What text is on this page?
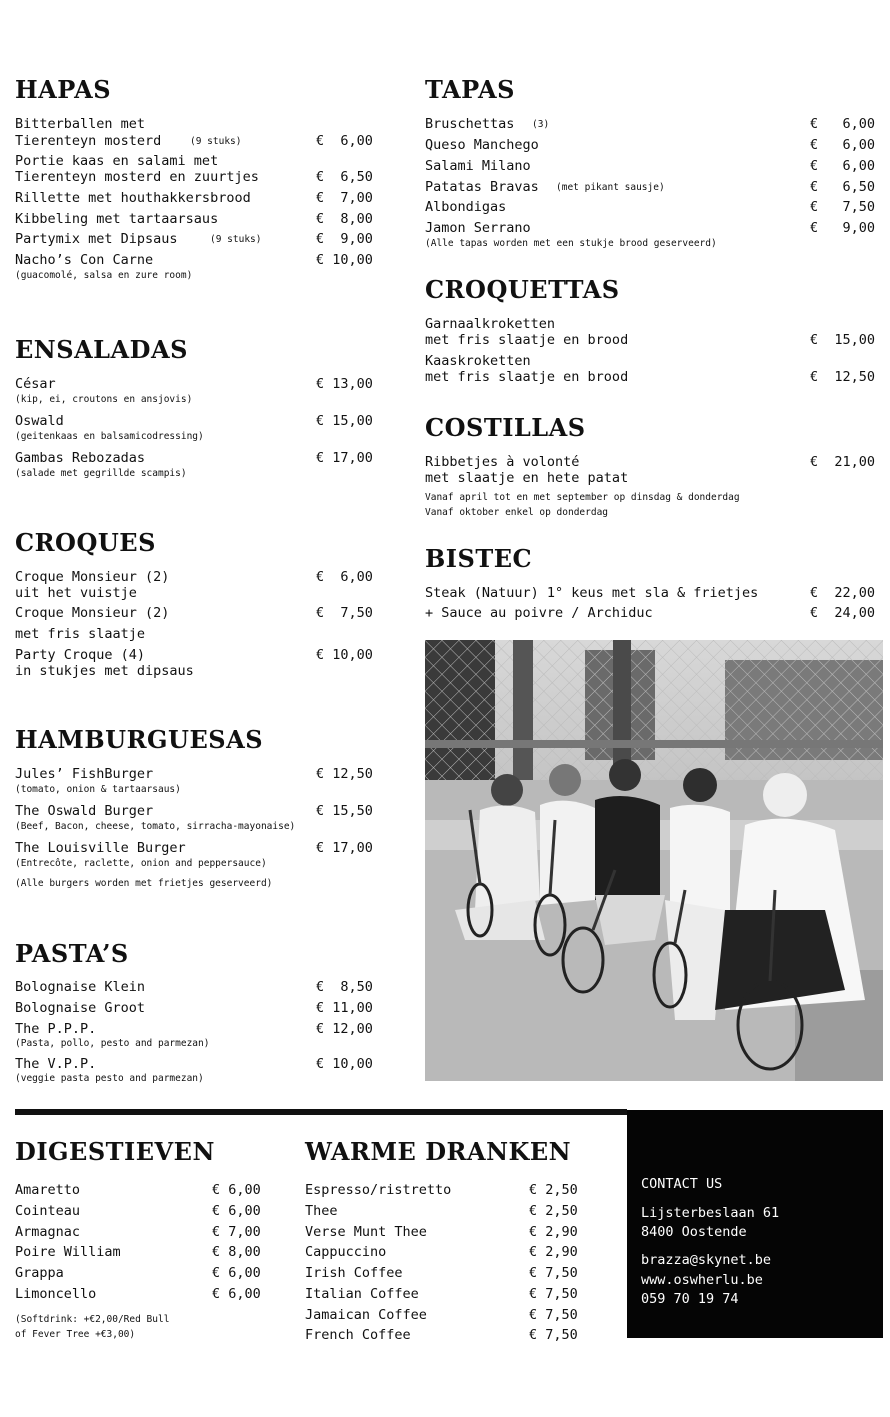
HAPAS
Bitterballen met
Tierenteyn mosterd	(9 stuks)	€  6,00
Portie kaas en salami met
Tierenteyn mosterd en zuurtjes	€  6,50
Rillette met houthakkersbrood	€  7,00
Kibbeling met tartaarsaus	€  8,00
Partymix met Dipsaus	(9 stuks)	€  9,00
Nacho’s Con Carne	€ 10,00
(guacomolé, salsa en zure room)
ENSALADAS
César	€ 13,00
(kip, ei, croutons en ansjovis)
Oswald	€ 15,00
(geitenkaas en balsamicodressing)
Gambas Rebozadas	€ 17,00
(salade met gegrillde scampis)
CROQUES
Croque Monsieur (2)	€  6,00
uit het vuistje
Croque Monsieur (2)	€  7,50
met fris slaatje
Party Croque (4)	€ 10,00
in stukjes met dipsaus
HAMBURGUESAS
Jules’ FishBurger	€ 12,50
(tomato, onion & tartaarsaus)
The Oswald Burger	€ 15,50
(Beef, Bacon, cheese, tomato, sirracha-mayonaise)
The Louisville Burger	€ 17,00
(Entrecôte, raclette, onion and peppersauce)
(Alle burgers worden met frietjes geserveerd)
PASTA’S
Bolognaise Klein	€  8,50
Bolognaise Groot	€ 11,00
The P.P.P.	€ 12,00
(Pasta, pollo, pesto and parmezan)
The V.P.P.	€ 10,00
(veggie pasta pesto and parmezan)
TAPAS
Bruschettas (3)	€   6,00
Queso Manchego	€   6,00
Salami Milano	€   6,00
Patatas Bravas (met pikant sausje)	€   6,50
Albondigas	€   7,50
Jamon Serrano	€   9,00
(Alle tapas worden met een stukje brood geserveerd)
CROQUETTAS
Garnaalkroketten
met fris slaatje en brood	€  15,00
Kaaskroketten
met fris slaatje en brood	€  12,50
COSTILLAS
Ribbetjes à volonté	€  21,00
met slaatje en hete patat
Vanaf april tot en met september op dinsdag & donderdag
Vanaf oktober enkel op donderdag
BISTEC
Steak (Natuur) 1° keus met sla & frietjes	€  22,00
+ Sauce au poivre / Archiduc	€  24,00
DIGESTIEVEN
Amaretto	€ 6,00
Cointeau	€ 6,00
Armagnac	€ 7,00
Poire William	€ 8,00
Grappa	€ 6,00
Limoncello	€ 6,00
(Softdrink: +€2,00/Red Bull
of Fever Tree +€3,00)
WARME DRANKEN
Espresso/ristretto	€ 2,50
Thee	€ 2,50
Verse Munt Thee	€ 2,90
Cappuccino	€ 2,90
Irish Coffee	€ 7,50
Italian Coffee	€ 7,50
Jamaican Coffee	€ 7,50
French Coffee	€ 7,50
CONTACT US
Lijsterbeslaan 61
8400 Oostende
brazza@skynet.be
www.oswherlu.be
059 70 19 74
